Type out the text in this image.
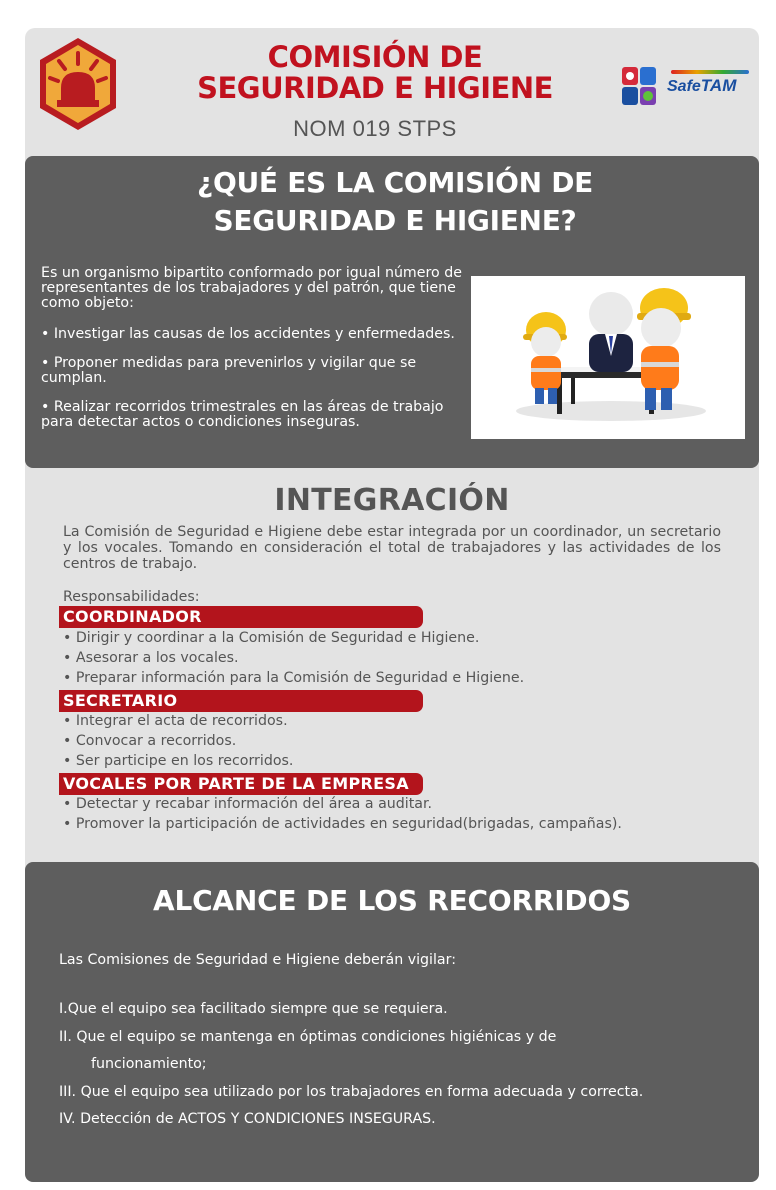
COMISIÓN DE
SEGURIDAD E HIGIENE
NOM 019 STPS
SafeTAM
¿QUÉ ES LA COMISIÓN DE
SEGURIDAD E HIGIENE?

Es un organismo bipartito conformado por igual número de representantes de los trabajadores y del patrón, que tiene como objeto:

• Investigar las causas de los accidentes y enfermedades.

• Proponer medidas para prevenirlos y vigilar que se cumplan.

• Realizar recorridos trimestrales en las áreas de trabajo para detectar actos o condiciones inseguras.

INTEGRACIÓN
La Comisión de Seguridad e Higiene debe estar integrada por un coordinador, un secretario y los vocales. Tomando en consideración el total de trabajadores y las actividades de los centros de trabajo.
Responsabilidades:
COORDINADOR
• Dirigir y coordinar a la Comisión de Seguridad e Higiene.
• Asesorar a los vocales.
• Preparar información para la Comisión de Seguridad e Higiene.
SECRETARIO
• Integrar el acta de recorridos.
• Convocar a recorridos.
• Ser participe en los recorridos.
VOCALES POR PARTE DE LA EMPRESA
• Detectar y recabar información del área a auditar.
• Promover la participación de actividades en seguridad(brigadas, campañas).
ALCANCE DE LOS RECORRIDOS
Las Comisiones de Seguridad e Higiene deberán vigilar:
I.Que el equipo sea facilitado siempre que se requiera.
II. Que el equipo se mantenga en óptimas condiciones higiénicas y de
funcionamiento;
III. Que el equipo sea utilizado por los trabajadores en forma adecuada y correcta.
IV. Detección de ACTOS Y CONDICIONES INSEGURAS.
